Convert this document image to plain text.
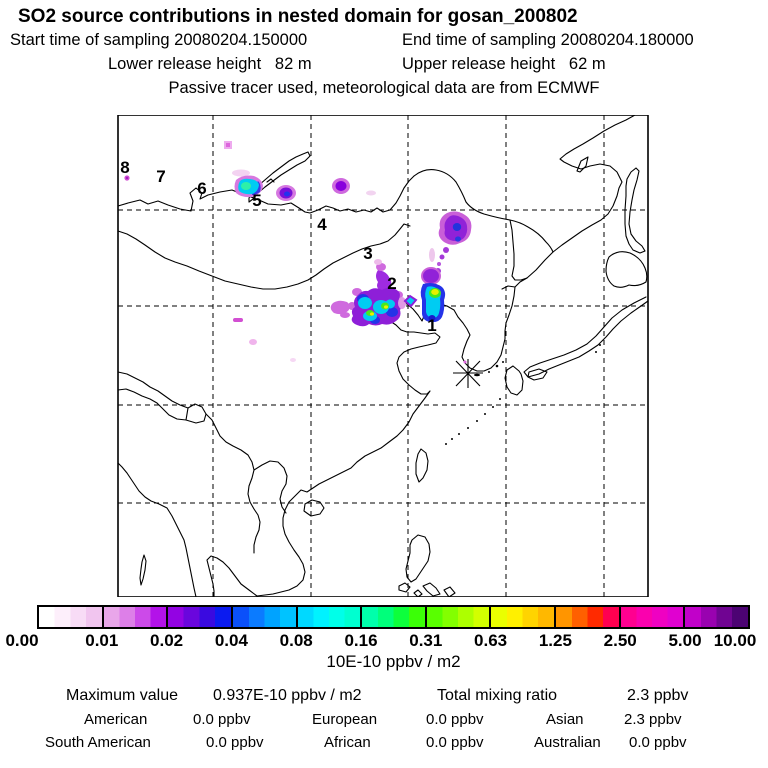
SO2 source contributions in nested domain for gosan_200802
Start time of sampling 20080204.150000	End time of sampling 20080204.180000
Lower release height   82 m	Upper release height   62 m
Passive tracer used, meteorological data are from ECMWF
1
2
3
4
5
6
7
8
0.00	0.01 0.02 0.04 0.08 0.16 0.31 0.63 1.25 2.50 5.00 10.00
10E-10 ppbv / m2
Maximum value 0.937E-10 ppbv / m2	Total mixing ratio	2.3 ppbv
American	0.0 ppbv	European	0.0 ppbv	Asian	2.3 ppbv
South American	0.0 ppbv	African	0.0 ppbv	Australian 0.0 ppbv
